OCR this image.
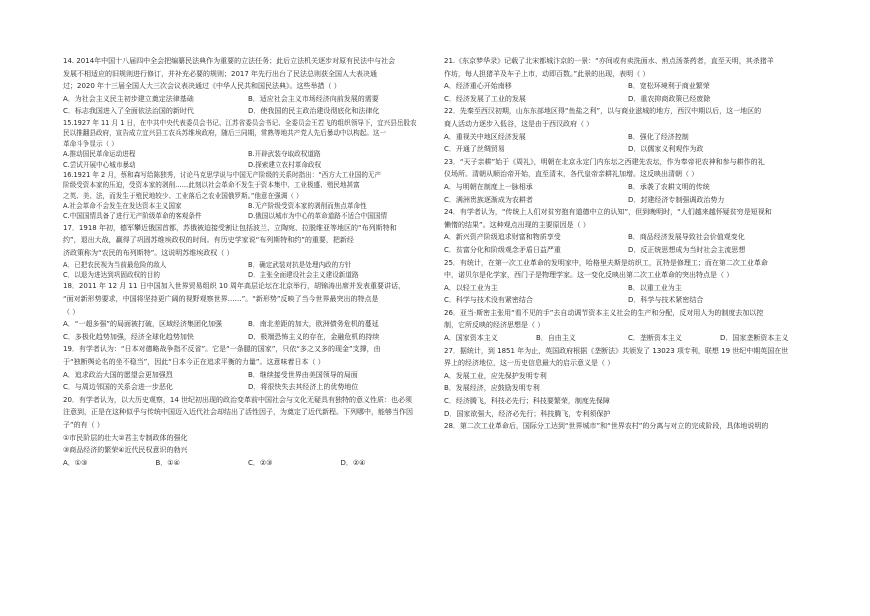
14. 2014年中国十八届四中全会把编纂民法典作为重要的立法任务；此后立法机关逐步对原有民法中与社会
发展不相适应的旧规则进行修订，并补充必要的规则；2017 年先行出台了民法总则获全国人大表决通
过；2020 年十三届全国人大三次会议表决通过《中华人民共和国民法典》。这些举措（ ）
A．为社会主义民主初步建立奠定法律基础	B．适应社会主义市场经济向前发展的需要
C．标志我国进入了全面依法治国的新时代	D．使我国的民主政治建设彻底化和法律化
15.1927 年 11 月 1 日，在中共中央代表委员会书记、江苏省委员会书记、全委员会王若飞的组织领导下，宜兴县岳股农
民以推翻县政府，宣告成立宜兴县工农兵苏维埃政府，随后三同期，常熟等地共产党人先后暴动中以构起。这一
革命斗争显示（ ）
A.推动国民革命运动进程	B.开辟武装夺取政权道路
C.尝试开展中心城市暴动	D.探索建立农村革命政权
16.1921 年 2 月，蔡和森写给陈独秀，讨论马克思学说与中国无产阶级的关系时指出：“西方大工业国的无产
阶级受资本家的压迫，受资本家的剥削……此刻以社会革命不发生于资本集中、工业极盛、殖民地甚富
之英、美、法，而发生于殖民地较少、工业落后之农业国俄罗斯。”他意在强调（ ）
A.社会革命不会发生在发达资本主义国家	B.无产阶级受资本家的剥削而焦点革命性
C.中国国情具备了进行无产阶级革命的客观条件	D.俄国以城市为中心的革命道路不适合中国国情
17．1918 年初，德军攀近俄国首都，苏俄被迫接受割让包括波兰、立陶宛、拉脱维亚等地区的“布列斯特和
约”，退出大战，赢得了巩固苏维埃政权的时间。有历史学家说“布列斯特和约”的重要，把新经
济政策称为“农民的布列斯特”。这说明苏维埃政权（ ）
A．已把农民视为当前最危险的敌人	B．确定武装对抗是处理内政的方针
C．以退为进达到巩固政权的目的	D．主张全面建设社会主义建设新道路
18．2011 年 12 月 11 日中国加入世界贸易组织 10 周年高层论坛在北京举行，胡锦涛出席并发表重要讲话，
“面对新形势要求，中国将坚持更广阔的视野观察世界……”。“新形势”反映了当今世界最突出的特点是
（ ）
A．“一超多强”的局面被打破，区域经济集团化加强	B．南北差距的加大，欧洲债务危机的蔓延
C．多极化趋势加强，经济全球化趋势加快	D．极端恐怖主义的存在，金融危机的持续
19．有学者认为：“日本对德略战争指不反省”。它是“一条腿的国家”，只依“多之又多的现金”支撑，由
于“独断舆论名的坐不稳当”，因此“日本今正在追求平衡的力量”。这意味着日本（ ）
A．追求政治大国的愿望会更加强烈	B．继续接受世界由美国领导的局面
C．与周边邻国的关系会进一步恶化	D．将很快失去其经济上的优势地位
20．有学者认为，以大历史观察，14 世纪初出现的政治变革前中国社会与文化无疑具有独特的意义性质：也必须
注意到，正是在这种似乎与传统中国迈入近代社会却结出了活性因子，为奠定了近代新程。下列哪中，能够当作因
子”的有（ ）
①市民阶层的壮大②君主专制政体的强化
③商品经济的繁荣④近代民权意识的勃兴
A．①③	B．①④	C．②③	D．②④
21.《东京梦华录》记载了北宋都城汴京的一景：“亦间或有卖洗面水、煎点汤茶药者，直至天明，其杀猪羊
作坊，每人担猪羊及车子上市，动即百数。”此景的出现，表明（ ）
A．经济重心开始南移	B．宽松环境利于商业繁荣
C．经济发展了工业的发展	D．重农抑商政策已经废除
22．先秦至西汉初期，山东东部地区得“鱼盐之利”，以与商业滋城的地方，西汉中期以后，这一地区的
商人活动力逐步入低谷，这是由于西汉政府（ ）
A．重视关中地区经济发展	B．强化了经济控制
C．开通了丝绸贸易	D．以儒家义利观作为政
23．“天子亲耕”始于《周礼》，明朝在北京永定门内东坛之西建先农坛，作为奉帝祀农神和参与耕作的礼
仪场所。清朝从顺治帝开始，直至清末，各代皇帝亲耕礼加增。这反映出清朝（ ）
A．与明朝在制度上一脉相承	B．承袭了农耕文明的传统
C．满洲贵族逐渐成为农耕者	D．封建经济专制强调政治势力
24．有学者认为，“传统上人们对贫穷抱有道德中立的认知”，但到晚明时，“人们越来越怀疑贫穷是短视和
懒惰的结果”。这种观点出现的主要原因是（ ）
A．新兴资产阶级追求财富和物质享受	B．商品经济发展导致社会价值观变化
C．贫富分化和阶级观念矛盾日益严重	D．反正统思想成为当时社会主流思想
25．有统计，在第一次工业革命的发明家中，哈格里夫斯是纺织工，瓦特是修理工；而在第二次工业革命
中，诺贝尔是化学家，西门子是物理学家。这一变化反映出第二次工业革命的突出特点是（ ）
A．以轻工业为主	B．以重工业为主
C．科学与技术没有紧密结合	D．科学与技术紧密结合
26．亚当·斯密主张用“看不见的手”去自动调节资本主义社会的生产和分配，反对用人为的制度去加以控
制，它所反映的经济思想是（ ）
A．国家资本主义	B．自由主义	C．垄断资本主义	D．国家垄断资本主义
27．据统计，到 1851 年为止，英国政府根据《垄断法》共颁发了 13023 项专利，联想 19 世纪中期英国在世
界上的经济地位，这一历史信息最大的启示意义是（ ）
A．发展工业，应先保护发明专利
B．发展经济，应鼓励发明专利
C．经济腾飞，科技必先行；科技要繁荣，制度先保障
D．国家欲强大，经济必先行；科技腾飞，专利须保护
28．第二次工业革命后，国际分工达到“世界城市”和“世界农村”的分离与对立的完成阶段，具体地说明的
